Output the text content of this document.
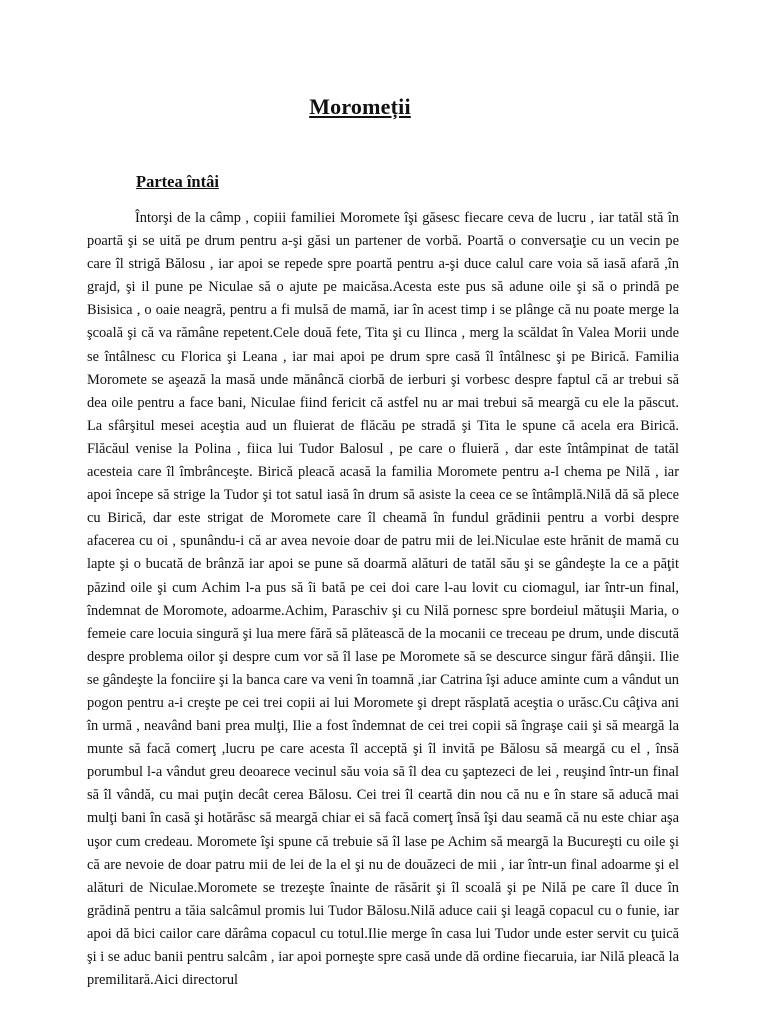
Moromeții
Partea întâi

Întorşi de la câmp , copiii familiei Moromete îşi găsesc fiecare ceva de lucru , iar tatăl stă în poartă şi se uită pe drum pentru a-şi găsi un partener de vorbă. Poartă o conversaţie cu un vecin pe care îl strigă Bălosu , iar apoi se repede spre poartă pentru a-şi duce calul care voia să iasă afară ,în grajd, şi il pune pe Niculae să o ajute pe maicăsa.Acesta este pus să adune oile şi să o prindă pe Bisisica , o oaie neagră, pentru a fi mulsă de mamă, iar în acest timp i se plânge că nu poate merge la şcoală şi că va rămâne repetent.Cele două fete, Tita şi cu Ilinca , merg la scăldat în Valea Morii unde se întâlnesc cu Florica şi Leana , iar mai apoi pe drum spre casă îl întâlnesc şi pe Birică. Familia Moromete se aşează la masă unde mănâncă ciorbă de ierburi şi vorbesc despre faptul că ar trebui să dea oile pentru a face bani, Niculae fiind fericit că astfel nu ar mai trebui să meargă cu ele la păscut. La sfârşitul mesei aceştia aud un fluierat de flăcău pe stradă şi Tita le spune că acela era Birică. Flăcăul venise la Polina , fiica lui Tudor Balosul , pe care o fluieră , dar este întâmpinat de tatăl acesteia care îl îmbrânceşte. Birică pleacă acasă la familia Moromete pentru a-l chema pe Nilă , iar apoi începe să strige la Tudor şi tot satul iasă în drum să asiste la ceea ce se întâmplă.Nilă dă să plece cu Birică, dar este strigat de Moromete care îl cheamă în fundul grădinii pentru a vorbi despre afacerea cu oi , spunându-i că ar avea nevoie doar de patru mii de lei.Niculae este hrănit de mamă cu lapte şi o bucată de brânză iar apoi se pune să doarmă alături de tatăl său şi se gândeşte la ce a păţit păzind oile şi cum Achim l-a pus să îi bată pe cei doi care l-au lovit cu ciomagul, iar într-un final, îndemnat de Moromote, adoarme.Achim, Paraschiv şi cu Nilă pornesc spre bordeiul mătuşii Maria, o femeie care locuia singură şi lua mere fără să plătească de la mocanii ce treceau pe drum, unde discută despre problema oilor şi despre cum vor să îl lase pe Moromete să se descurce singur fără dânşii. Ilie se gândeşte la fonciire şi la banca care va veni în toamnă ,iar Catrina îşi aduce aminte cum a vândut un pogon pentru a-i creşte pe cei trei copii ai lui Moromete şi drept răsplată aceştia o urăsc.Cu câţiva ani în urmă , neavând bani prea mulţi, Ilie a fost îndemnat de cei trei copii să îngraşe caii şi să meargă la munte să facă comerţ ,lucru pe care acesta îl acceptă şi îl invită pe Bălosu să meargă cu el , însă porumbul l-a vândut greu deoarece vecinul său voia să îl dea cu şaptezeci de lei , reuşind într-un final să îl vândă, cu mai puţin decât cerea Bălosu. Cei trei îl ceartă din nou că nu e în stare să aducă mai mulţi bani în casă şi hotărăsc să meargă chiar ei să facă comerţ însă îşi dau seamă că nu este chiar aşa uşor cum credeau. Moromete îşi spune că trebuie să îl lase pe Achim să meargă la Bucureşti cu oile şi că are nevoie de doar patru mii de lei de la el şi nu de douăzeci de mii , iar într-un final adoarme şi el alături de Niculae.Moromete se trezeşte înainte de răsărit şi îl scoală şi pe Nilă pe care îl duce în grădină pentru a tăia salcâmul promis lui Tudor Bălosu.Nilă aduce caii şi leagă copacul cu o funie, iar apoi dă bici cailor care dărâma copacul cu totul.Ilie merge în casa lui Tudor unde ester servit cu ţuică şi i se aduc banii pentru salcâm , iar apoi porneşte spre casă unde dă ordine fiecaruia, iar Nilă pleacă la premilitară.Aici directorul
